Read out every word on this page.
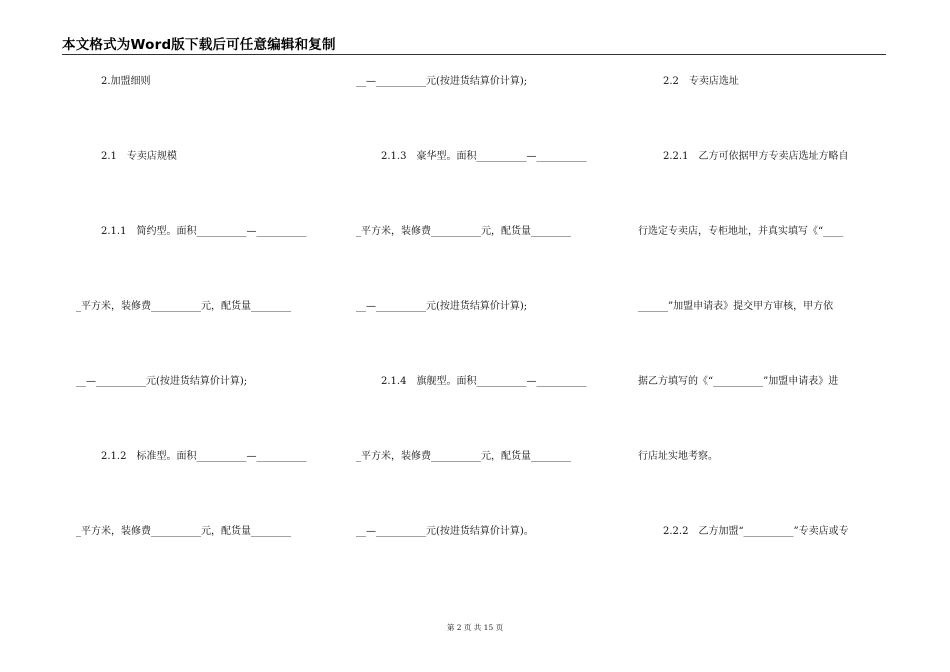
本文格式为Word版下载后可任意编辑和复制
2.加盟细则
2.1　专卖店规模
2.1.1　简约型。面积__________—__________
_平方米，装修费__________元，配货量________
__—__________元(按进货结算价计算);
2.1.2　标准型。面积__________—__________
_平方米，装修费__________元，配货量________
__—__________元(按进货结算价计算);
2.1.3　豪华型。面积__________—__________
_平方米，装修费__________元，配货量________
__—__________元(按进货结算价计算);
2.1.4　旗舰型。面积__________—__________
_平方米，装修费__________元，配货量________
__—__________元(按进货结算价计算)。
2.2　专卖店选址
2.2.1　乙方可依据甲方专卖店选址方略自
行选定专卖店，专柜地址，并真实填写《“____
______”加盟申请表》提交甲方审核，甲方依
据乙方填写的《“__________”加盟申请表》进
行店址实地考察。
2.2.2　乙方加盟“__________”专卖店或专
第 2 页 共 15 页
